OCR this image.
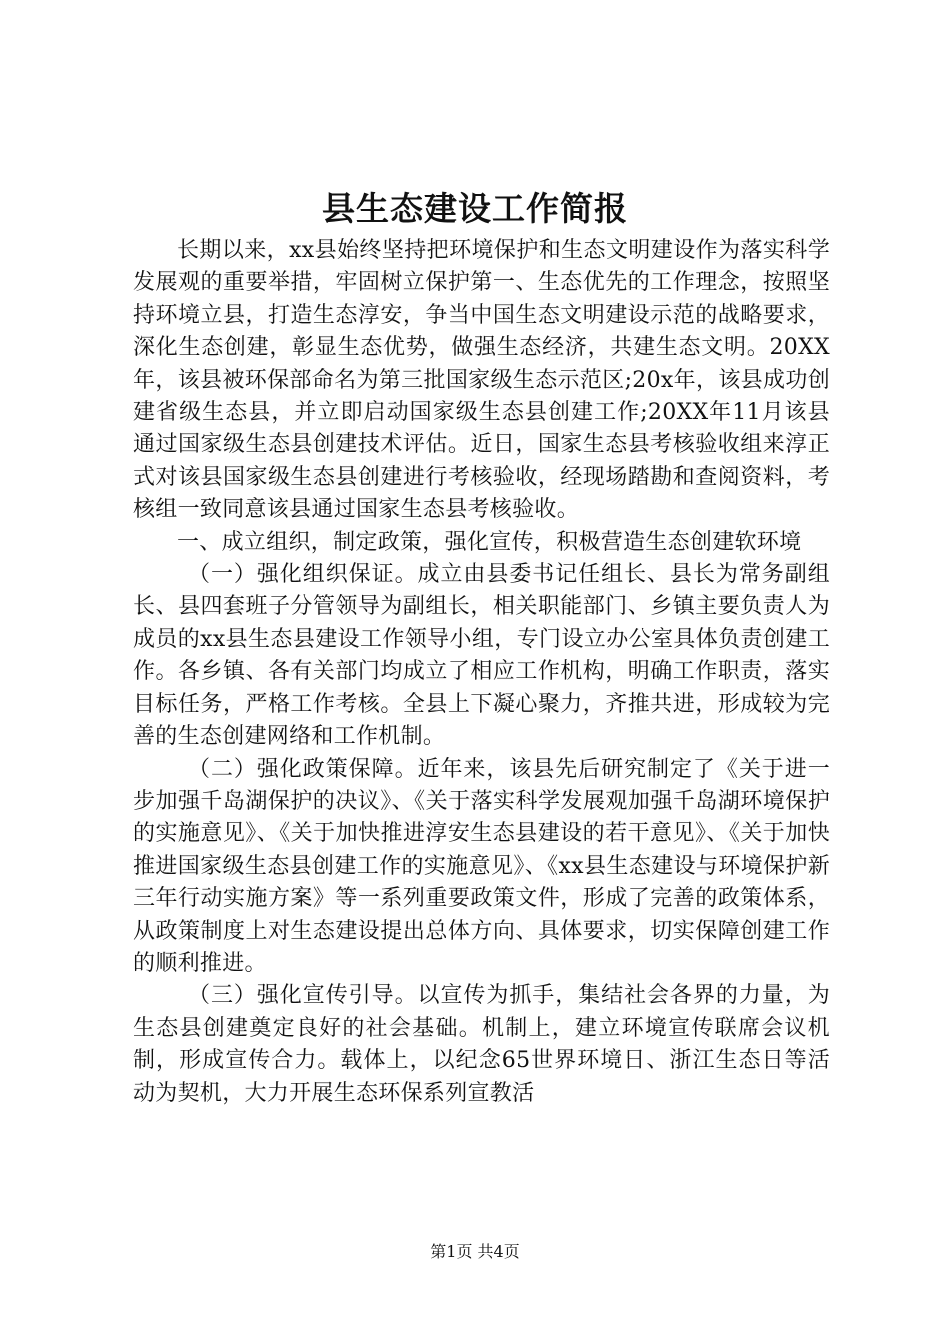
县生态建设工作简报

长期以来，xx县始终坚持把环境保护和生态文明建设作为落实科学发展观的重要举措，牢固树立保护第一、生态优先的工作理念，按照坚持环境立县，打造生态淳安，争当中国生态文明建设示范的战略要求，深化生态创建，彰显生态优势，做强生态经济，共建生态文明。20XX年，该县被环保部命名为第三批国家级生态示范区;20x年，该县成功创建省级生态县，并立即启动国家级生态县创建工作;20XX年11月该县通过国家级生态县创建技术评估。近日，国家生态县考核验收组来淳正式对该县国家级生态县创建进行考核验收，经现场踏勘和查阅资料，考核组一致同意该县通过国家生态县考核验收。

一、成立组织，制定政策，强化宣传，积极营造生态创建软环境

（一）强化组织保证。成立由县委书记任组长、县长为常务副组长、县四套班子分管领导为副组长，相关职能部门、乡镇主要负责人为成员的xx县生态县建设工作领导小组，专门设立办公室具体负责创建工作。各乡镇、各有关部门均成立了相应工作机构，明确工作职责，落实目标任务，严格工作考核。全县上下凝心聚力，齐推共进，形成较为完善的生态创建网络和工作机制。

（二）强化政策保障。近年来，该县先后研究制定了《关于进一步加强千岛湖保护的决议》、《关于落实科学发展观加强千岛湖环境保护的实施意见》、《关于加快推进淳安生态县建设的若干意见》、《关于加快推进国家级生态县创建工作的实施意见》、《xx县生态建设与环境保护新三年行动实施方案》等一系列重要政策文件，形成了完善的政策体系，从政策制度上对生态建设提出总体方向、具体要求，切实保障创建工作的顺利推进。

（三）强化宣传引导。以宣传为抓手，集结社会各界的力量，为生态县创建奠定良好的社会基础。机制上，建立环境宣传联席会议机制，形成宣传合力。载体上，以纪念65世界环境日、浙江生态日等活动为契机，大力开展生态环保系列宣教活

第1页 共4页
